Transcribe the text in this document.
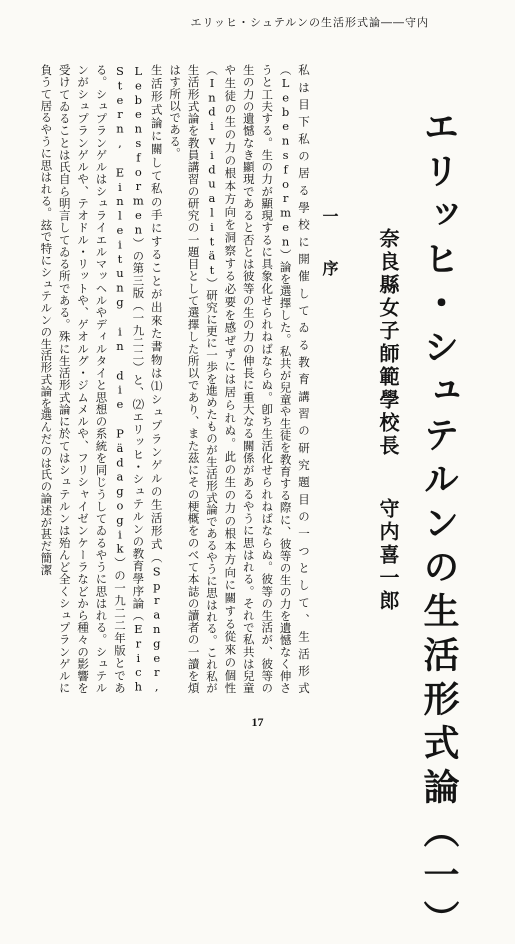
エリッヒ・シュテルンの生活形式論――守内
エリッヒ・シュテルンの生活形式論（一）
奈良縣女子師範學校長守内喜一郎
一　序
私は目下私の居る學校に開催してゐる教育講習の研究題目の一つとして、生活形式（Lebensformen）論を選擇した。私共が兒童や生徒を教育する際に、彼等の生の力を遺憾なく伸さうと工夫する。生の力が顯現するに具象化せられねばならぬ。卽ち生活化せられねばならぬ。彼等の生活が、彼等の生の力の遺憾なき顯現であると否とは彼等の生の力の伸長に重大なる關係があるやうに思はれる。それで私共は兒童や生徒の生の力の根本方向を洞察する必要を感ぜずには居られぬ。此の生の力の根本方向に關する從來の個性（Individualität）研究に更に一歩を進めたものが生活形式論であるやうに思はれる。これ私が生活形式論を教員講習の研究の一題目として選擇した所以であり、また茲にその梗概をのべて本誌の讀者の一讀を煩はす所以である。
生活形式論に關して私の手にすることが出來た書物は⑴シュプランゲルの生活形式（Spranger, Lebensformen）の第三版（一九二二）と、⑵エリッヒ・シュテルンの教育學序論（Erich Stern, Einleitung in die Pädagogik）の一九二二年版とである。シュプランゲルはシュライエルマッヘルやディルタイと思想の系統を同じうしてゐるやうに思はれる。シュテルンがシュプランゲルや、テオドル・リットや、ゲオルグ・ジムメルや、フリシャイゼンケーラなどから種々の影響を受けてゐることは氏自ら明言してゐる所である。殊に生活形式論に於てはシュテルンは殆んど全くシュプランゲルに負うて居るやうに思はれる。玆で特にシュテルンの生活形式論を選んだのは氏の論述が甚だ簡潔
17
